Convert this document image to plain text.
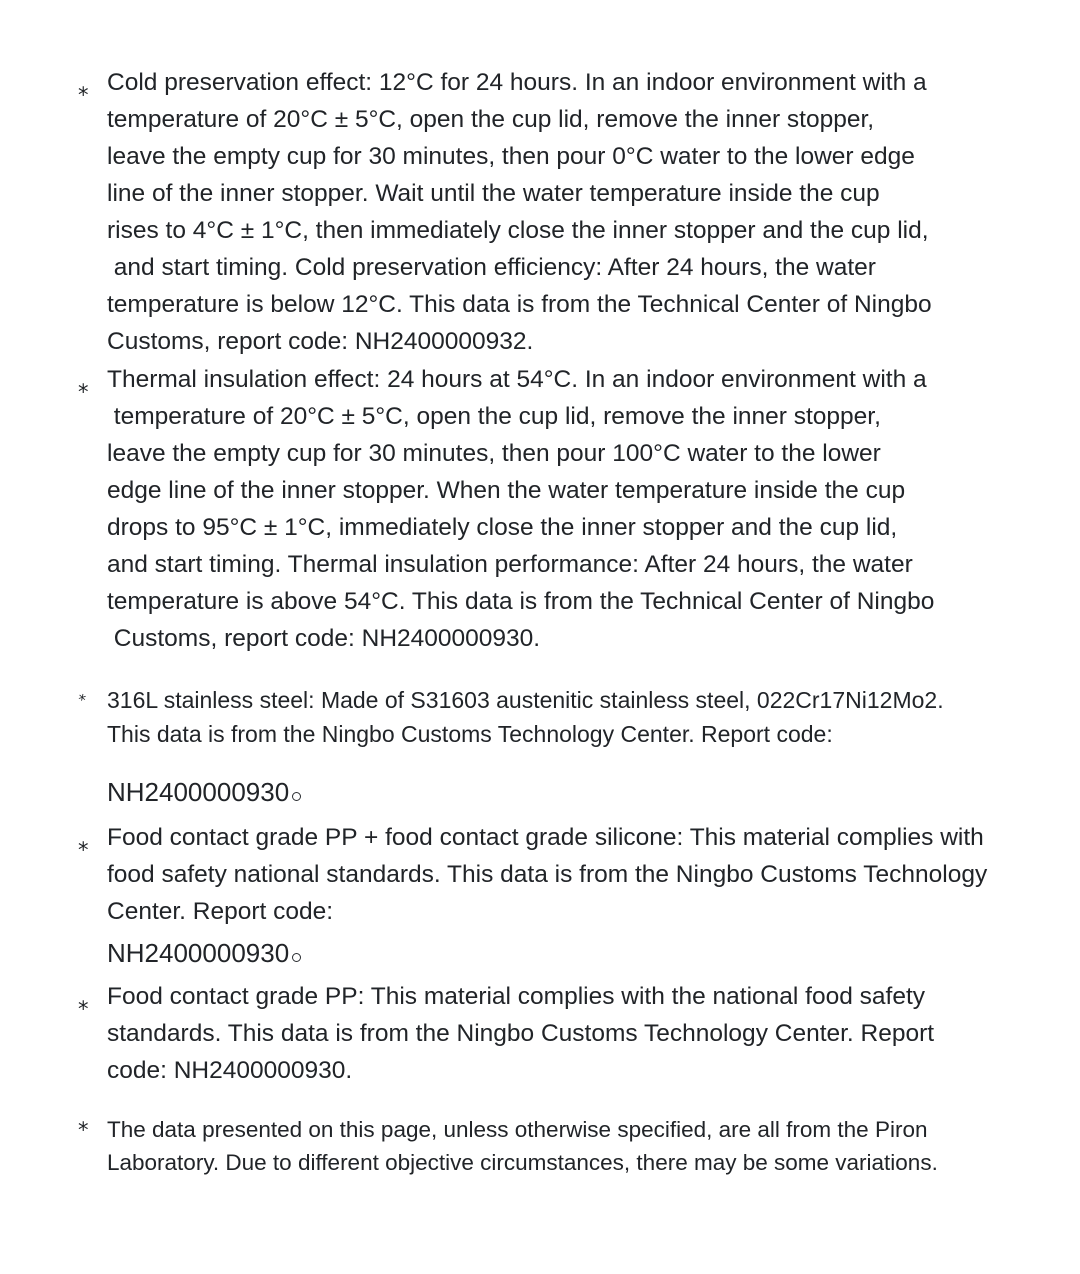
* Cold preservation effect: 12°C for 24 hours. In an indoor environment with a
temperature of 20°C ± 5°C, open the cup lid, remove the inner stopper,
leave the empty cup for 30 minutes, then pour 0°C water to the lower edge
line of the inner stopper. Wait until the water temperature inside the cup
rises to 4°C ± 1°C, then immediately close the inner stopper and the cup lid,
and start timing. Cold preservation efficiency: After 24 hours, the water
temperature is below 12°C. This data is from the Technical Center of Ningbo
Customs, report code: NH2400000932.
* Thermal insulation effect: 24 hours at 54°C. In an indoor environment with a
temperature of 20°C ± 5°C, open the cup lid, remove the inner stopper,
leave the empty cup for 30 minutes, then pour 100°C water to the lower
edge line of the inner stopper. When the water temperature inside the cup
drops to 95°C ± 1°C, immediately close the inner stopper and the cup lid,
and start timing. Thermal insulation performance: After 24 hours, the water
temperature is above 54°C. This data is from the Technical Center of Ningbo
Customs, report code: NH2400000930.
* 316L stainless steel: Made of S31603 austenitic stainless steel, 022Cr17Ni12Mo2.
This data is from the Ningbo Customs Technology Center. Report code:
NH2400000930
* Food contact grade PP + food contact grade silicone: This material complies with
food safety national standards. This data is from the Ningbo Customs Technology
Center. Report code:
NH2400000930
* Food contact grade PP: This material complies with the national food safety
standards. This data is from the Ningbo Customs Technology Center. Report
code: NH2400000930.
* The data presented on this page, unless otherwise specified, are all from the Piron
Laboratory. Due to different objective circumstances, there may be some variations.
